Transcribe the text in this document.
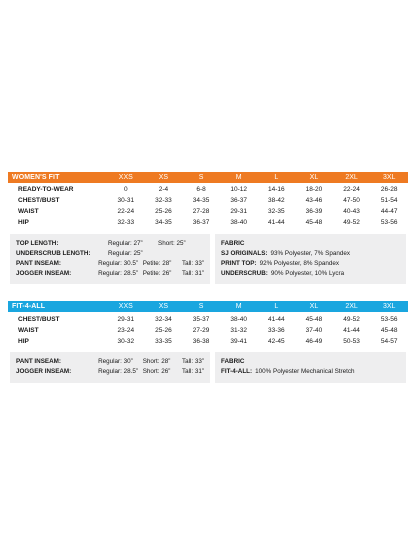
WOMEN'S FIT	XXS	XS	S	M	L	XL	2XL	3XL
READY-TO-WEAR	0	2-4	6-8	10-12	14-16	18-20	22-24	26-28
CHEST/BUST	30-31	32-33	34-35	36-37	38-42	43-46	47-50	51-54
WAIST	22-24	25-26	27-28	29-31	32-35	36-39	40-43	44-47
HIP	32-33	34-35	36-37	38-40	41-44	45-48	49-52	53-56
TOP LENGTH:	Regular: 27”	Short: 25”
UNDERSCRUB LENGTH:	Regular: 25”
PANT INSEAM:	Regular: 30.5” Petite: 28”	Tall: 33”
JOGGER INSEAM:	Regular: 28.5” Petite: 26”	Tall: 31”
FABRIC
SJ ORIGINALS: 93% Polyester, 7% Spandex
PRINT TOP: 92% Polyester, 8% Spandex
UNDERSCRUB: 90% Polyester, 10% Lycra
FIT-4-ALL	XXS	XS	S	M	L	XL	2XL	3XL
CHEST/BUST	29-31	32-34	35-37	38-40	41-44	45-48	49-52	53-56
WAIST	23-24	25-26	27-29	31-32	33-36	37-40	41-44	45-48
HIP	30-32	33-35	36-38	39-41	42-45	46-49	50-53	54-57
PANT INSEAM:	Regular: 30”	Short: 28”	Tall: 33”
JOGGER INSEAM:	Regular: 28.5” Short: 26”	Tall: 31”
FABRIC
FIT-4-ALL: 100% Polyester Mechanical Stretch
